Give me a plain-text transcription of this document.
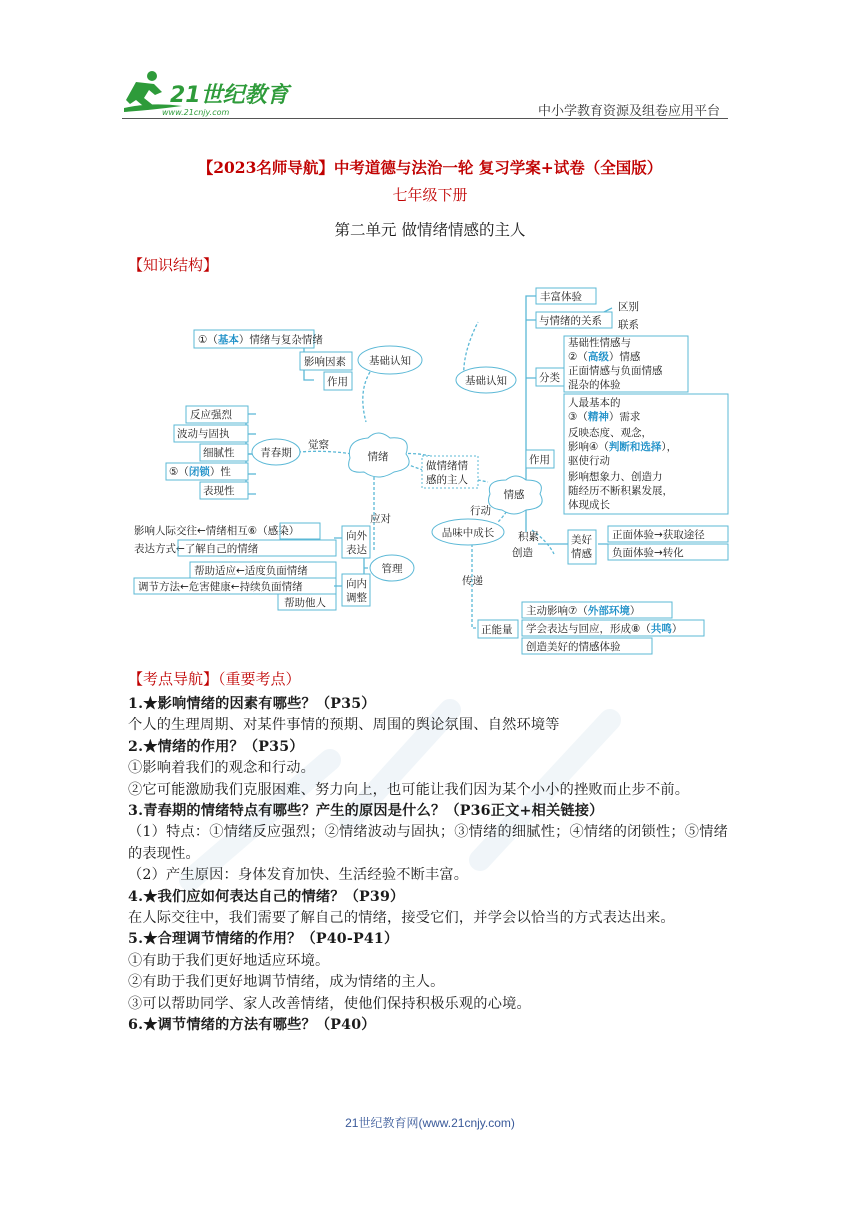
21世纪教育
www.21cnjy.com	中小学教育资源及组卷应用平台
【2023名师导航】中考道德与法治一轮 复习学案+试卷（全国版）
七年级下册
第二单元 做情绪情感的主人
【知识结构】
①（基本）情绪与复杂情绪
影响因素
作用
基础认知
反应强烈
波动与固执
细腻性
⑤（闭锁）性
表现性
青春期
觉察
情绪
应对
影响人际交往←情绪相互⑥（感染）
表达方式←了解自己的情绪
向外
表达
帮助适应←适度负面情绪
调节方法←危害健康←持续负面情绪
帮助他人
向内
调整
管理
做情绪情
感的主人
基础认知
丰富体验
与情绪的关系
区别
联系
分类
基础性情感与
②（高级）情感
正面情感与负面情感
混杂的体验
作用
人最基本的
③（精神）需求
反映态度、观念，
影响④（判断和选择），
驱使行动
影响想象力、创造力
随经历不断积累发展，
体现成长
情感
行动
品味中成长 积累
创造
美好
情感
正面体验→获取途径
负面体验→转化
传递
正能量
主动影响⑦（外部环境）
学会表达与回应，形成⑧（共鸣）
创造美好的情感体验
【考点导航】（重要考点）

1.★影响情绪的因素有哪些？（P35）

个人的生理周期、对某件事情的预期、周围的舆论氛围、自然环境等

2.★情绪的作用？（P35）

①影响着我们的观念和行动。

②它可能激励我们克服困难、努力向上，也可能让我们因为某个小小的挫败而止步不前。

3.青春期的情绪特点有哪些？产生的原因是什么？（P36正文+相关链接）

（1）特点：①情绪反应强烈；②情绪波动与固执；③情绪的细腻性；④情绪的闭锁性；⑤情绪的表现性。

（2）产生原因：身体发育加快、生活经验不断丰富。

4.★我们应如何表达自己的情绪？（P39）

在人际交往中，我们需要了解自己的情绪，接受它们，并学会以恰当的方式表达出来。

5.★合理调节情绪的作用？（P40-P41）

①有助于我们更好地适应环境。

②有助于我们更好地调节情绪，成为情绪的主人。

③可以帮助同学、家人改善情绪，使他们保持积极乐观的心境。

6.★调节情绪的方法有哪些？（P40）

21世纪教育网(www.21cnjy.com)
